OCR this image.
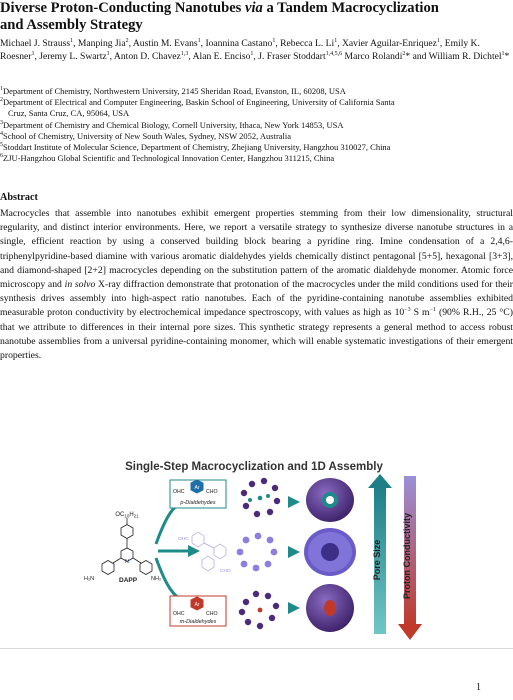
Diverse Proton-Conducting Nanotubes via a Tandem Macrocyclization
and Assembly Strategy

Michael J. Strauss$^1$, Manping Jia$^2$, Austin M. Evans$^1$, Ioannina Castano$^1$, Rebecca L. Li$^1$, Xavier Aguilar-Enriquez$^1$, Emily K. Roesner$^1$, Jeremy L. Swartz$^1$, Anton D. Chavez$^{1,3}$, Alan E. Enciso$^1$, J. Fraser Stoddart$^{1,4,5,6}$ Marco Rolandi$^2$* and William R. Dichtel$^1$*

$^1$Department of Chemistry, Northwestern University, 2145 Sheridan Road, Evanston, IL, 60208, USA
$^2$Department of Electrical and Computer Engineering, Baskin School of Engineering, University of California Santa
Cruz, Santa Cruz, CA, 95064, USA
$^3$Department of Chemistry and Chemical Biology, Cornell University, Ithaca, New York 14853, USA
$^4$School of Chemistry, University of New South Wales, Sydney, NSW 2052, Australia
$^5$Stoddart Institute of Molecular Science, Department of Chemistry, Zhejiang University, Hangzhou 310027, China
$^6$ZJU-Hangzhou Global Scientific and Technological Innovation Center, Hangzhou 311215, China
Abstract

Macrocycles that assemble into nanotubes exhibit emergent properties stemming from their low dimensionality, structural regularity, and distinct interior environments. Here, we report a versatile strategy to synthesize diverse nanotube structures in a single, efficient reaction by using a conserved building block bearing a pyridine ring. Imine condensation of a 2,4,6-triphenylpyridine-based diamine with various aromatic dialdehydes yields chemically distinct pentagonal [5+5], hexagonal [3+3], and diamond-shaped [2+2] macrocycles depending on the substitution pattern of the aromatic dialdehyde monomer. Atomic force microscopy and in solvo X-ray diffraction demonstrate that protonation of the macrocycles under the mild conditions used for their synthesis drives assembly into high-aspect ratio nanotubes. Each of the pyridine-containing nanotube assemblies exhibited measurable proton conductivity by electrochemical impedance spectroscopy, with values as high as $10^{-3}$ S $m^{-1}$ (90% R.H., 25 °C) that we attribute to differences in their internal pore sizes. This synthetic strategy represents a general method to access robust nanotube assemblies from a universal pyridine-containing monomer, which will enable systematic investigations of their emergent properties.

Single-Step Macrocyclization and 1D Assembly
$OC_{10}H_{21}$
N
H₂N	NH₂
DAPP
OHC
Ar
CHO
p-Dialdehydes
OHC
CHO
Ar
OHC	CHO
m-Dialdehydes
Pore Size Proton Conductivity
1
